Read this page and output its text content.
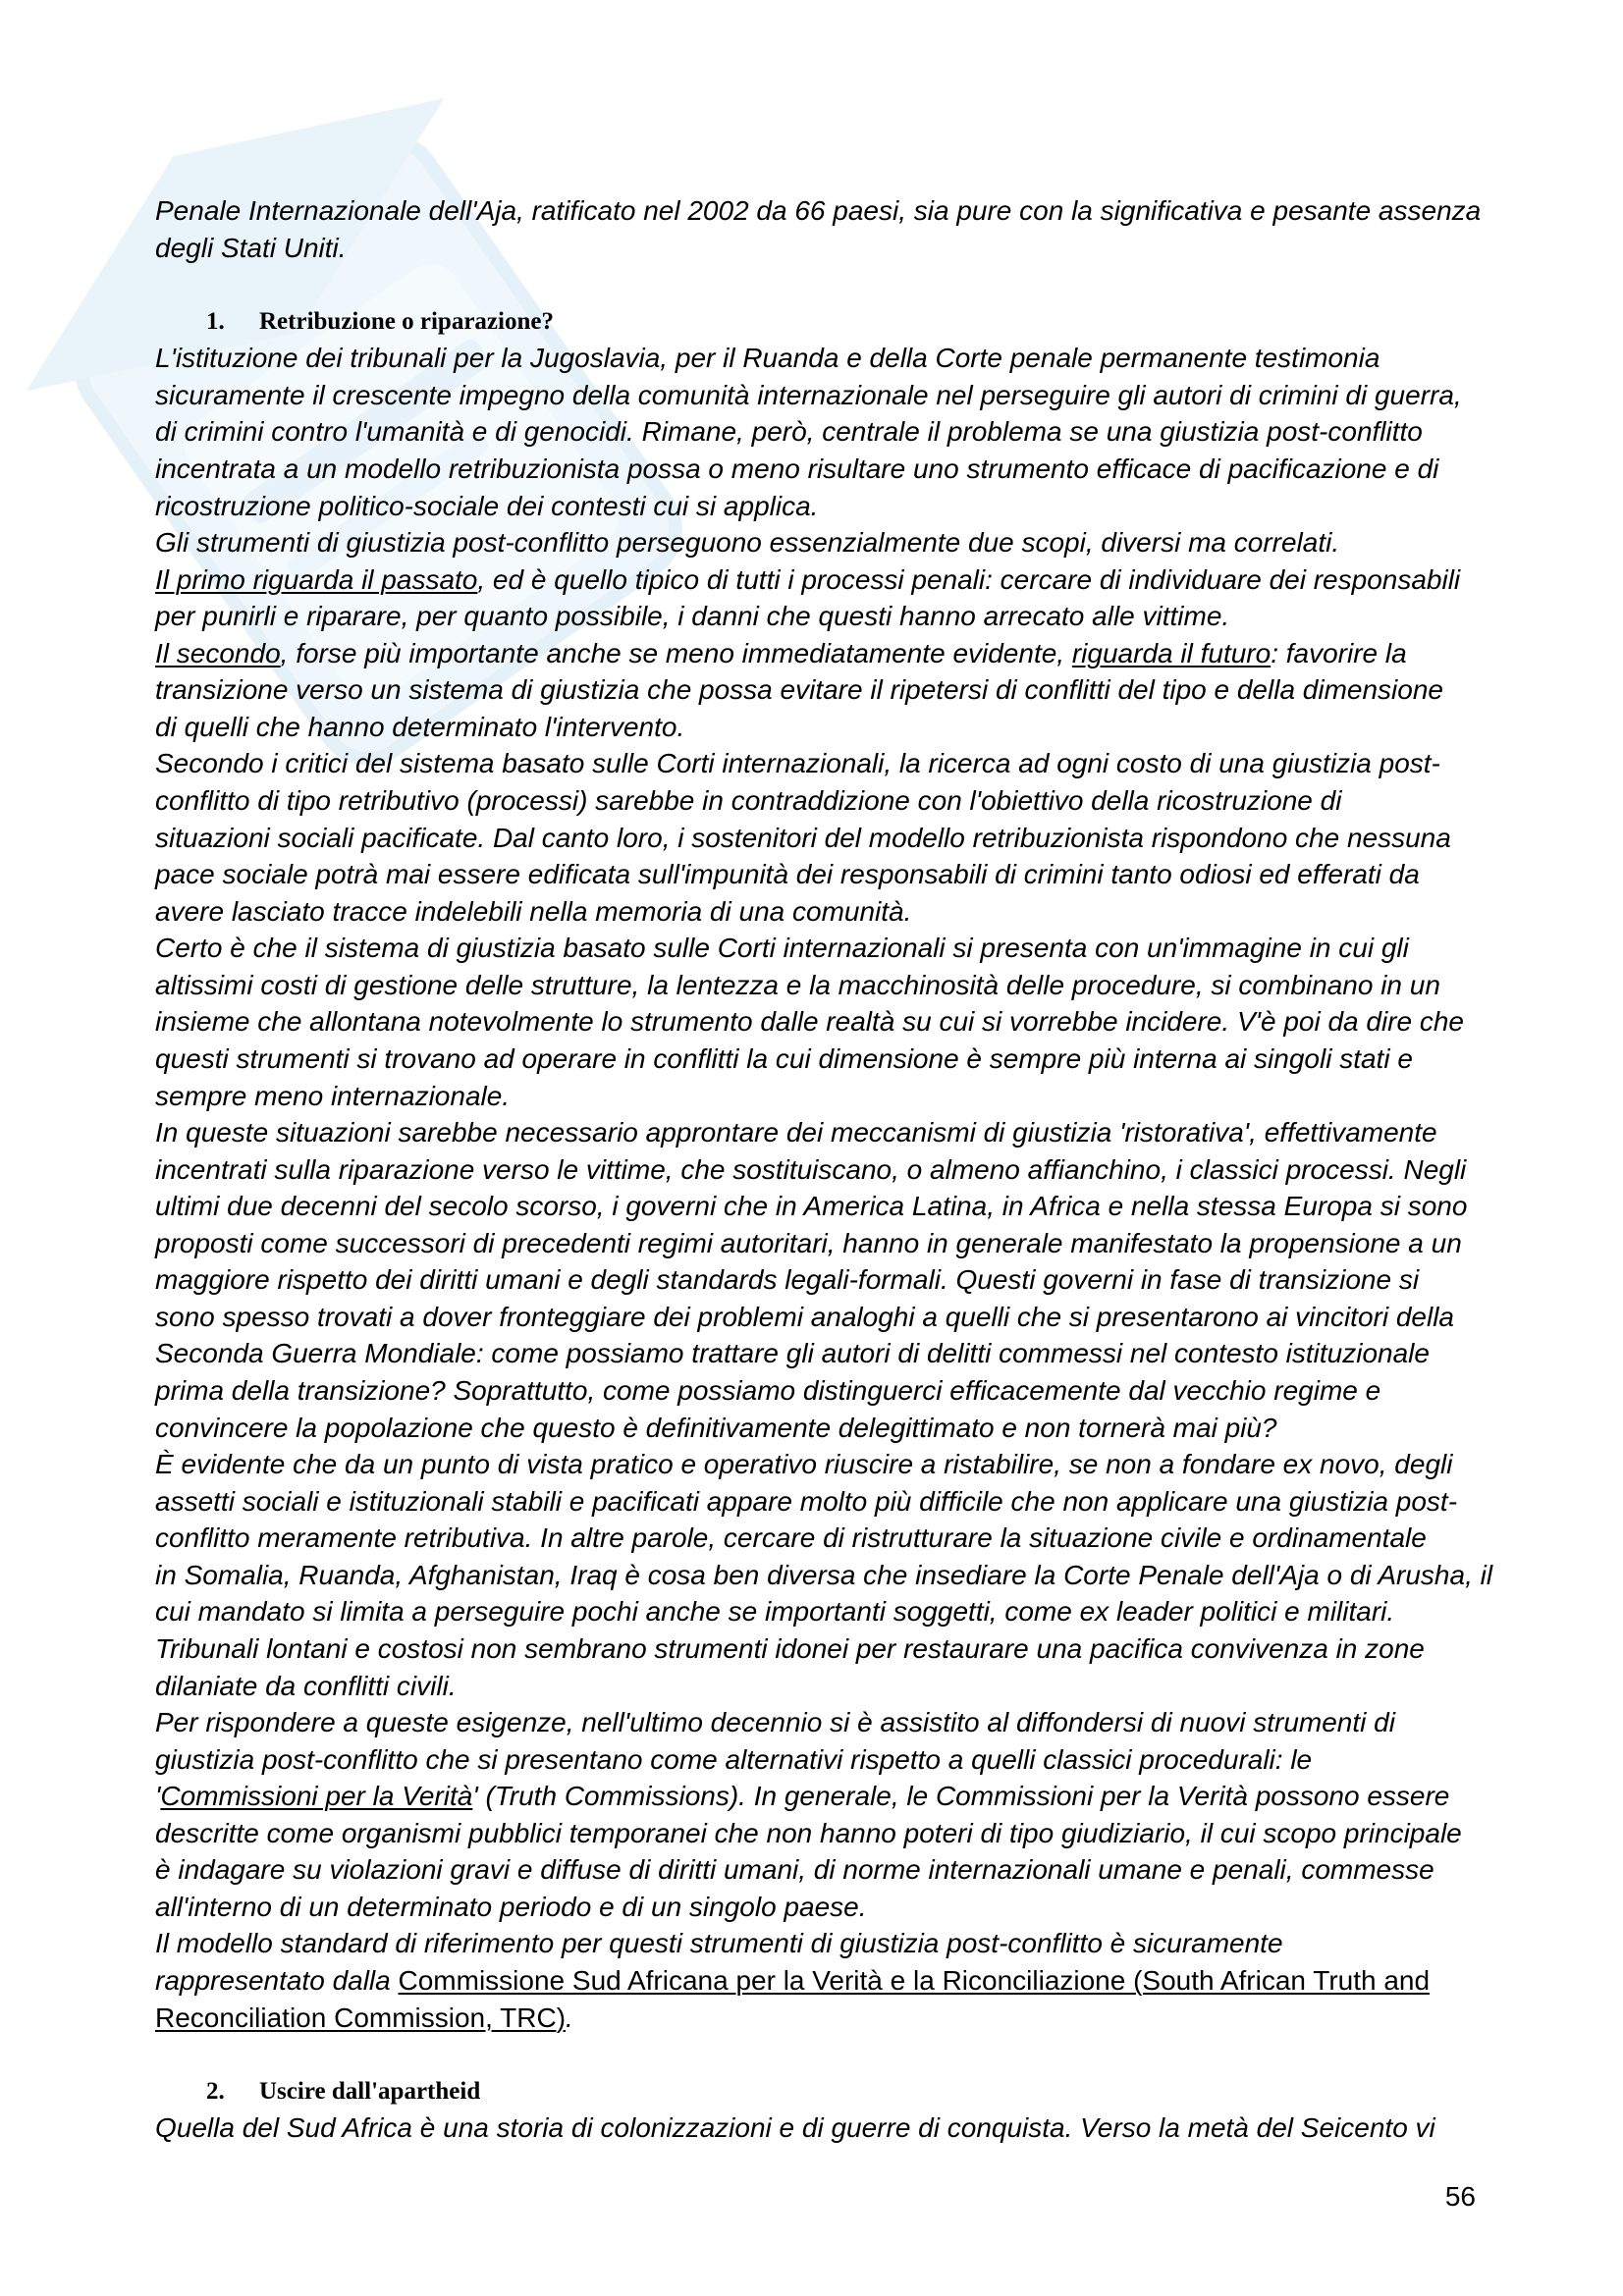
Penale Internazionale dell'Aja, ratificato nel 2002 da 66 paesi, sia pure con la significativa e pesante assenza
degli Stati Uniti.
1. Retribuzione o riparazione?
L'istituzione dei tribunali per la Jugoslavia, per il Ruanda e della Corte penale permanente testimonia
sicuramente il crescente impegno della comunità internazionale nel perseguire gli autori di crimini di guerra,
di crimini contro l'umanità e di genocidi. Rimane, però, centrale il problema se una giustizia post-conflitto
incentrata a un modello retribuzionista possa o meno risultare uno strumento efficace di pacificazione e di
ricostruzione politico-sociale dei contesti cui si applica.
Gli strumenti di giustizia post-conflitto perseguono essenzialmente due scopi, diversi ma correlati.
Il primo riguarda il passato, ed è quello tipico di tutti i processi penali: cercare di individuare dei responsabili
per punirli e riparare, per quanto possibile, i danni che questi hanno arrecato alle vittime.
Il secondo, forse più importante anche se meno immediatamente evidente, riguarda il futuro: favorire la
transizione verso un sistema di giustizia che possa evitare il ripetersi di conflitti del tipo e della dimensione
di quelli che hanno determinato l'intervento.
Secondo i critici del sistema basato sulle Corti internazionali, la ricerca ad ogni costo di una giustizia post-
conflitto di tipo retributivo (processi) sarebbe in contraddizione con l'obiettivo della ricostruzione di
situazioni sociali pacificate. Dal canto loro, i sostenitori del modello retribuzionista rispondono che nessuna
pace sociale potrà mai essere edificata sull'impunità dei responsabili di crimini tanto odiosi ed efferati da
avere lasciato tracce indelebili nella memoria di una comunità.
Certo è che il sistema di giustizia basato sulle Corti internazionali si presenta con un'immagine in cui gli
altissimi costi di gestione delle strutture, la lentezza e la macchinosità delle procedure, si combinano in un
insieme che allontana notevolmente lo strumento dalle realtà su cui si vorrebbe incidere. V'è poi da dire che
questi strumenti si trovano ad operare in conflitti la cui dimensione è sempre più interna ai singoli stati e
sempre meno internazionale.
In queste situazioni sarebbe necessario approntare dei meccanismi di giustizia 'ristorativa', effettivamente
incentrati sulla riparazione verso le vittime, che sostituiscano, o almeno affianchino, i classici processi. Negli
ultimi due decenni del secolo scorso, i governi che in America Latina, in Africa e nella stessa Europa si sono
proposti come successori di precedenti regimi autoritari, hanno in generale manifestato la propensione a un
maggiore rispetto dei diritti umani e degli standards legali-formali. Questi governi in fase di transizione si
sono spesso trovati a dover fronteggiare dei problemi analoghi a quelli che si presentarono ai vincitori della
Seconda Guerra Mondiale: come possiamo trattare gli autori di delitti commessi nel contesto istituzionale
prima della transizione? Soprattutto, come possiamo distinguerci efficacemente dal vecchio regime e
convincere la popolazione che questo è definitivamente delegittimato e non tornerà mai più?
È evidente che da un punto di vista pratico e operativo riuscire a ristabilire, se non a fondare ex novo, degli
assetti sociali e istituzionali stabili e pacificati appare molto più difficile che non applicare una giustizia post-
conflitto meramente retributiva. In altre parole, cercare di ristrutturare la situazione civile e ordinamentale
in Somalia, Ruanda, Afghanistan, Iraq è cosa ben diversa che insediare la Corte Penale dell'Aja o di Arusha, il
cui mandato si limita a perseguire pochi anche se importanti soggetti, come ex leader politici e militari.
Tribunali lontani e costosi non sembrano strumenti idonei per restaurare una pacifica convivenza in zone
dilaniate da conflitti civili.
Per rispondere a queste esigenze, nell'ultimo decennio si è assistito al diffondersi di nuovi strumenti di
giustizia post-conflitto che si presentano come alternativi rispetto a quelli classici procedurali: le
'Commissioni per la Verità' (Truth Commissions). In generale, le Commissioni per la Verità possono essere
descritte come organismi pubblici temporanei che non hanno poteri di tipo giudiziario, il cui scopo principale
è indagare su violazioni gravi e diffuse di diritti umani, di norme internazionali umane e penali, commesse
all'interno di un determinato periodo e di un singolo paese.
Il modello standard di riferimento per questi strumenti di giustizia post-conflitto è sicuramente
rappresentato dalla Commissione Sud Africana per la Verità e la Riconciliazione (South African Truth and
Reconciliation Commission, TRC).
2. Uscire dall'apartheid
Quella del Sud Africa è una storia di colonizzazioni e di guerre di conquista. Verso la metà del Seicento vi
56
